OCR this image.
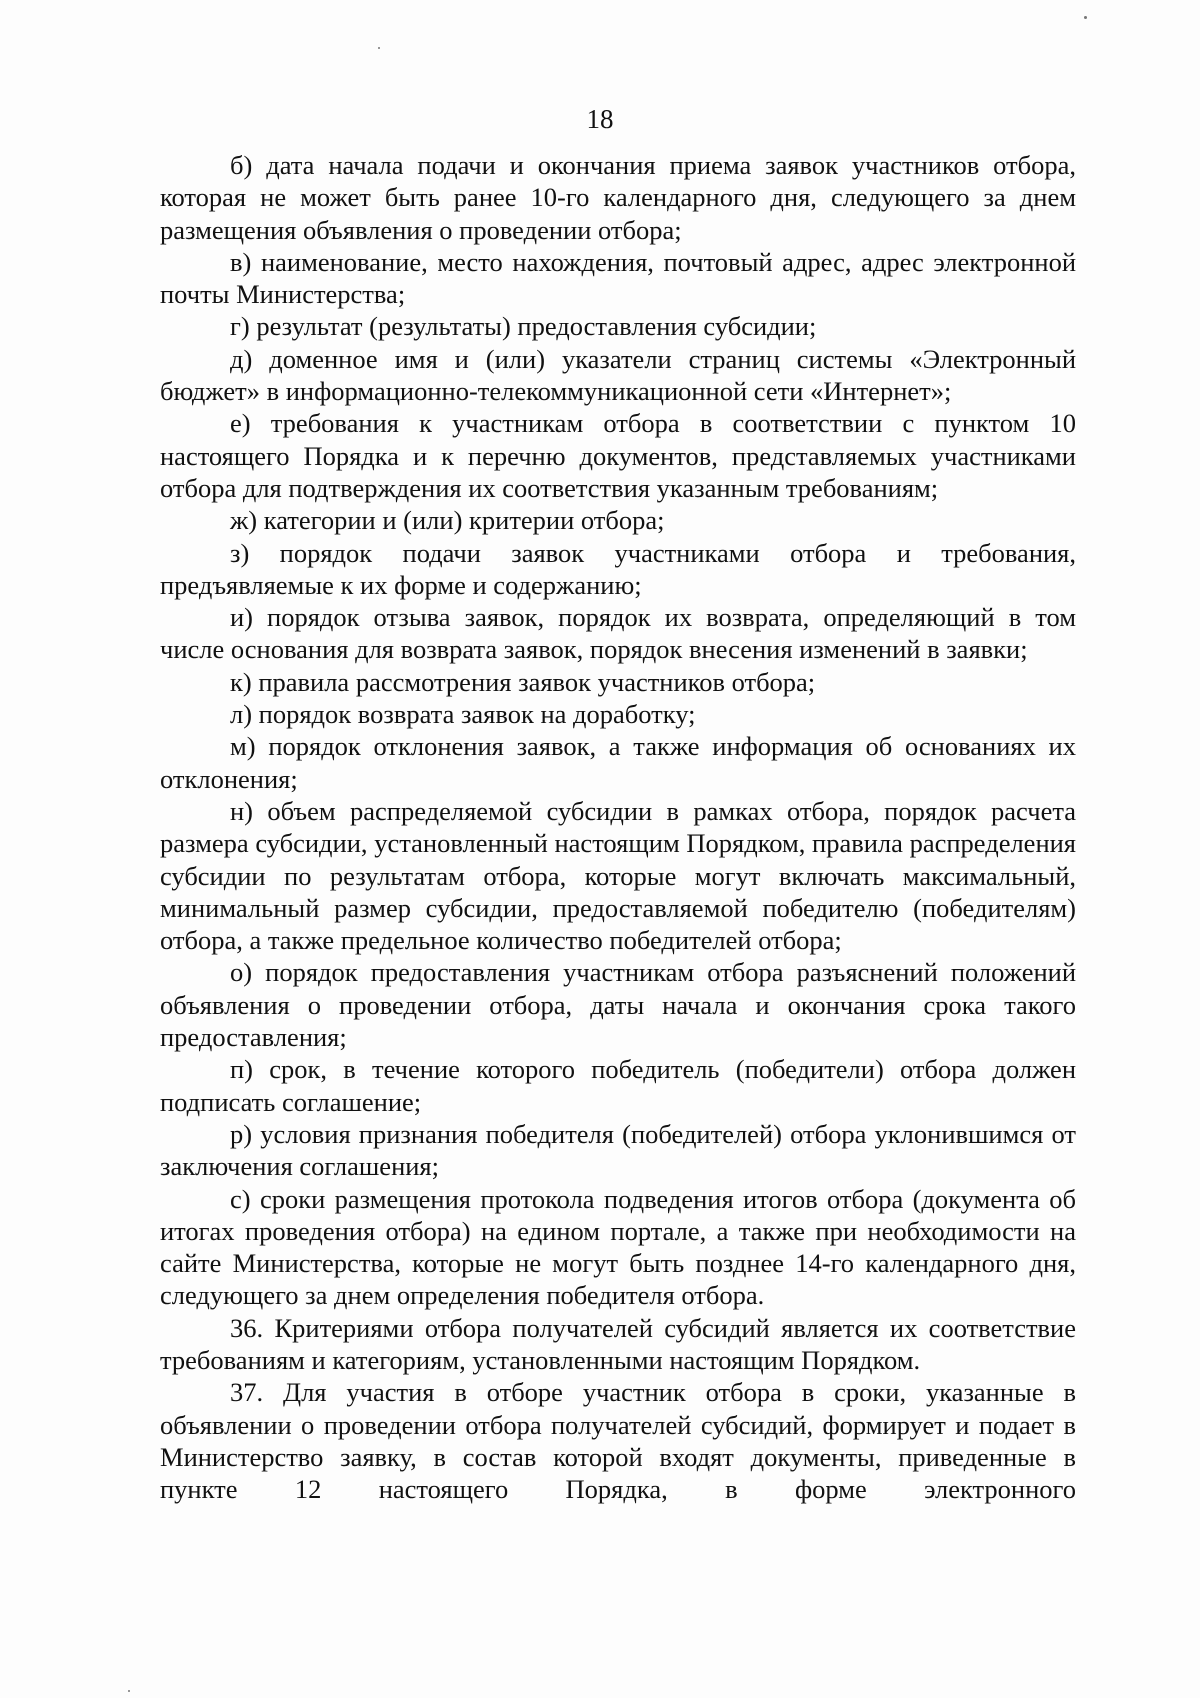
18

б) дата начала подачи и окончания приема заявок участников отбора, которая не может быть ранее 10-го календарного дня, следующего за днем размещения объявления о проведении отбора;

в) наименование, место нахождения, почтовый адрес, адрес электронной почты Министерства;

г) результат (результаты) предоставления субсидии;

д) доменное имя и (или) указатели страниц системы «Электронный бюджет» в информационно-телекоммуникационной сети «Интернет»;

е) требования к участникам отбора в соответствии с пунктом 10 настоящего Порядка и к перечню документов, представляемых участниками отбора для подтверждения их соответствия указанным требованиям;

ж) категории и (или) критерии отбора;

з) порядок подачи заявок участниками отбора и требования, предъявляемые к их форме и содержанию;

и) порядок отзыва заявок, порядок их возврата, определяющий в том числе основания для возврата заявок, порядок внесения изменений в заявки;

к) правила рассмотрения заявок участников отбора;

л) порядок возврата заявок на доработку;

м) порядок отклонения заявок, а также информация об основаниях их отклонения;

н) объем распределяемой субсидии в рамках отбора, порядок расчета размера субсидии, установленный настоящим Порядком, правила распределения субсидии по результатам отбора, которые могут включать максимальный, минимальный размер субсидии, предоставляемой победителю (победителям) отбора, а также предельное количество победителей отбора;

о) порядок предоставления участникам отбора разъяснений положений объявления о проведении отбора, даты начала и окончания срока такого предоставления;

п) срок, в течение которого победитель (победители) отбора должен подписать соглашение;

р) условия признания победителя (победителей) отбора уклонившимся от заключения соглашения;

с) сроки размещения протокола подведения итогов отбора (документа об итогах проведения отбора) на едином портале, а также при необходимости на сайте Министерства, которые не могут быть позднее 14-го календарного дня, следующего за днем определения победителя отбора.

36. Критериями отбора получателей субсидий является их соответствие требованиям и категориям, установленными настоящим Порядком.

37. Для участия в отборе участник отбора в сроки, указанные в объявлении о проведении отбора получателей субсидий, формирует и подает в Министерство заявку, в состав которой входят документы, приведенные в пункте 12 настоящего Порядка, в форме электронного
